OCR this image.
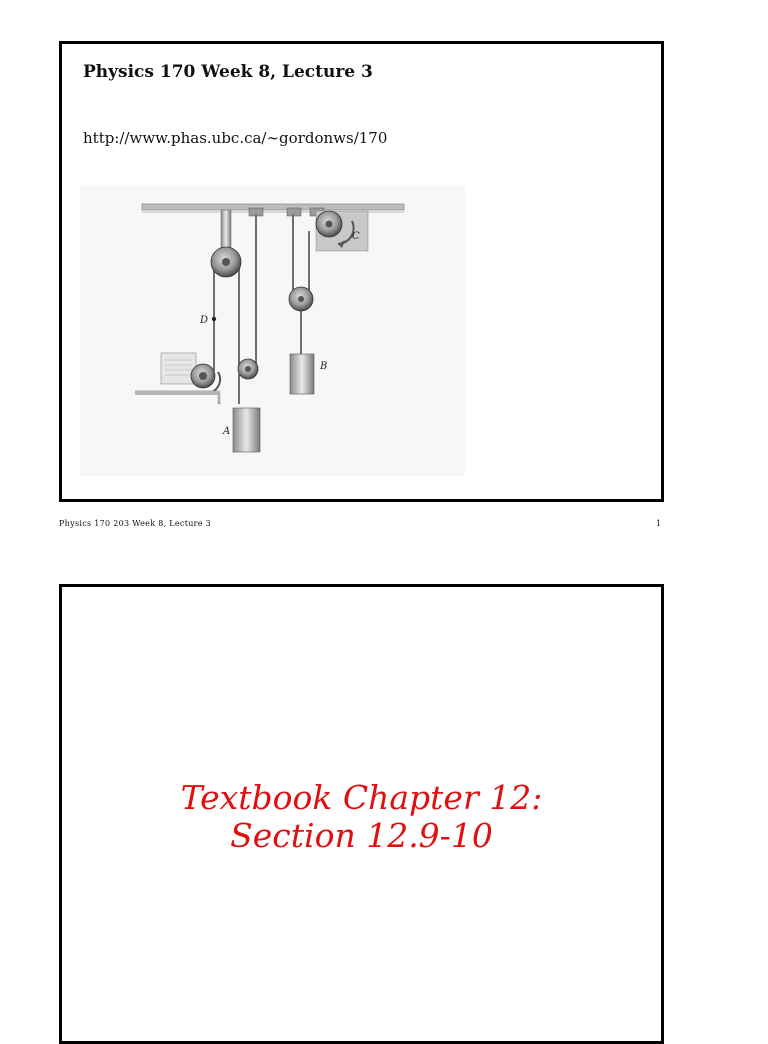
Physics 170 Week 8, Lecture 3
http://www.phas.ubc.ca/∼gordonws/170
D
B
A
C
Physics 170 203 Week 8, Lecture 3	1
Textbook Chapter 12:
Section 12.9-10
